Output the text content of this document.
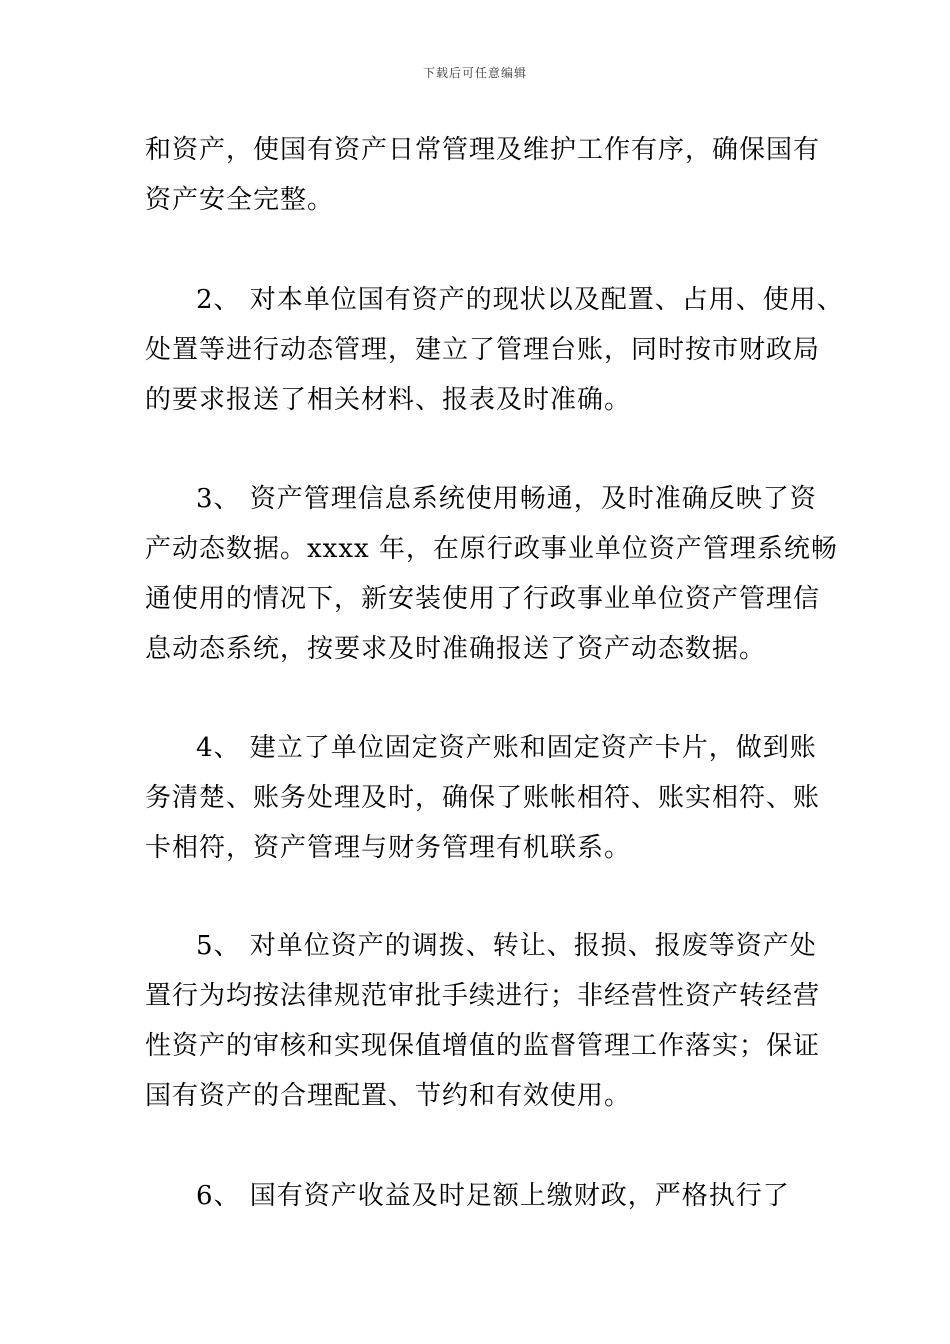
下载后可任意编辑
和资产，使国有资产日常管理及维护工作有序，确保国有
资产安全完整。
2、 对本单位国有资产的现状以及配置、占用、使用、
处置等进行动态管理，建立了管理台账，同时按市财政局
的要求报送了相关材料、报表及时准确。
3、 资产管理信息系统使用畅通，及时准确反映了资
产动态数据。xxxx 年，在原行政事业单位资产管理系统畅
通使用的情况下，新安装使用了行政事业单位资产管理信
息动态系统，按要求及时准确报送了资产动态数据。
4、 建立了单位固定资产账和固定资产卡片，做到账
务清楚、账务处理及时，确保了账帐相符、账实相符、账
卡相符，资产管理与财务管理有机联系。
5、 对单位资产的调拨、转让、报损、报废等资产处
置行为均按法律规范审批手续进行；非经营性资产转经营
性资产的审核和实现保值增值的监督管理工作落实；保证
国有资产的合理配置、节约和有效使用。
6、 国有资产收益及时足额上缴财政，严格执行了
